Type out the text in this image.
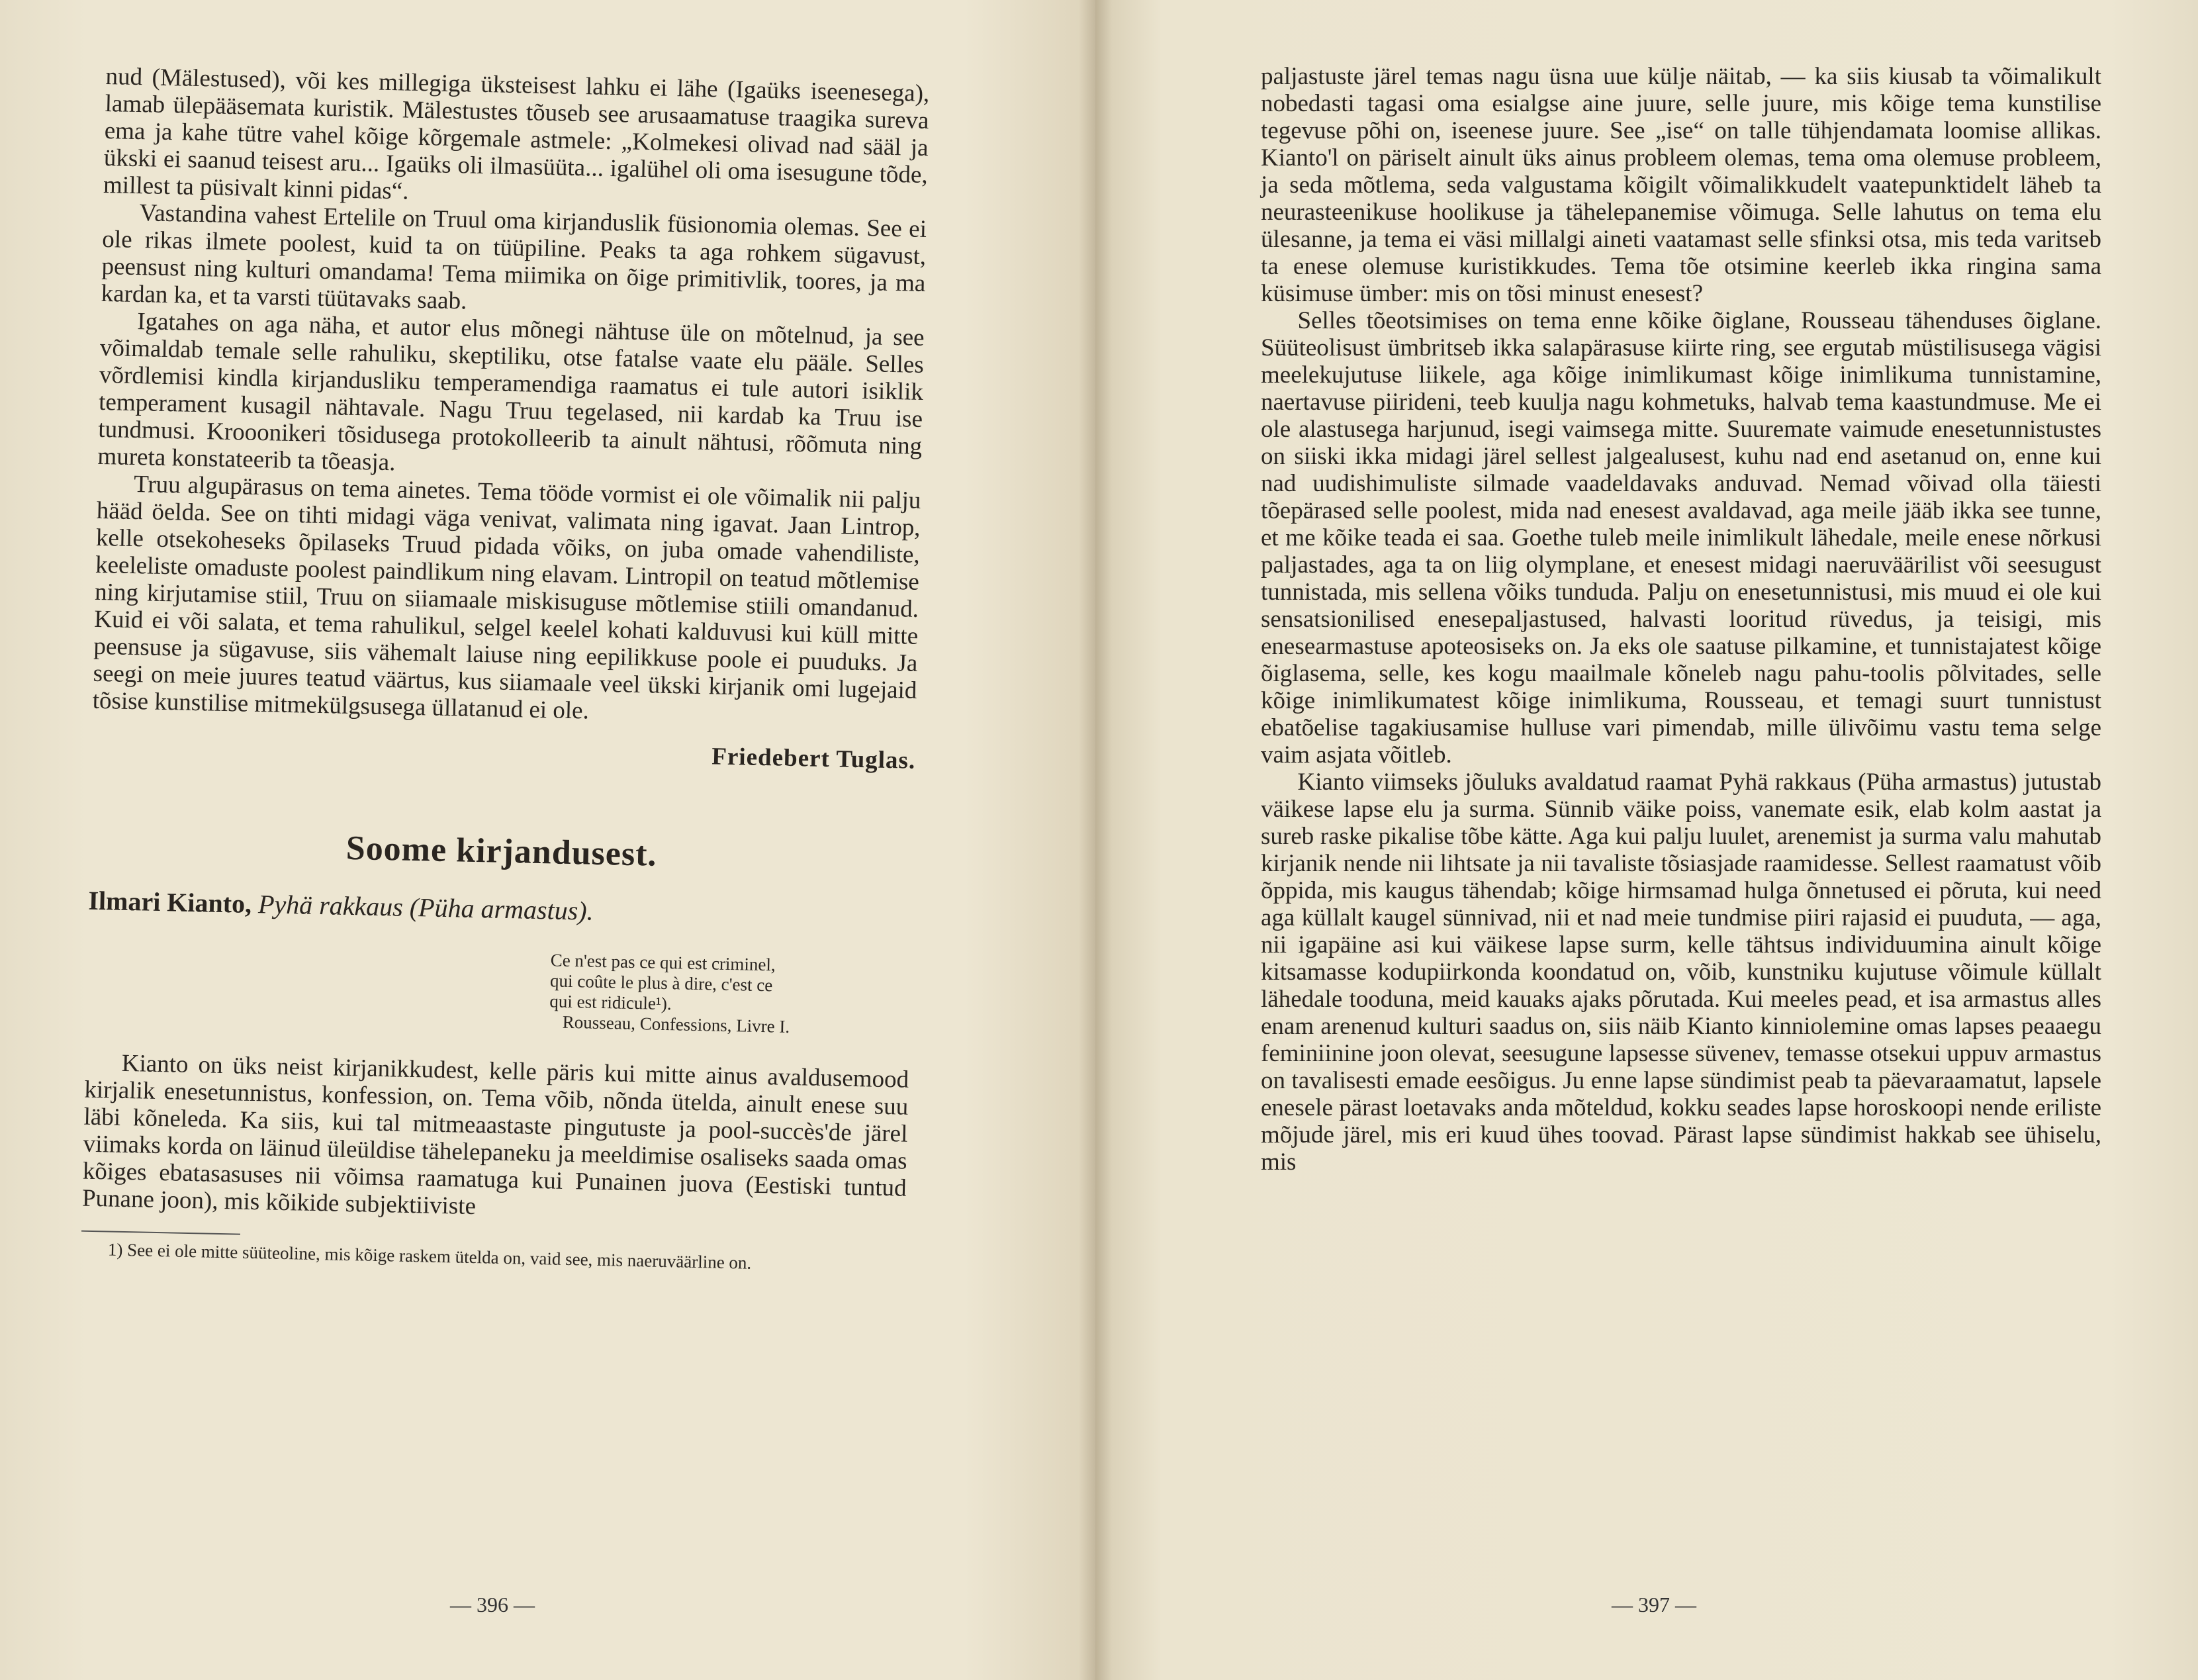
nud (Mälestused), või kes millegiga üksteisest lahku ei lähe (Igaüks iseenesega), lamab ülepääsematа kuristik. Mälestustes tõuseb see arusaamatuse traagika sureva ema ja kahe tütre vahel kõige kõrgemale astmele: „Kolmekesi olivad nad sääl ja ükski ei saanud teisest aru... Igaüks oli ilmasüüta... igalühel oli oma isesugune tõde, millest ta püsivalt kinni pidas“.

Vastandina vahest Ertelile on Truul oma kirjanduslik füsionomia olemas. See ei ole rikas ilmete poolest, kuid ta on tüüpiline. Peaks ta aga rohkem sügavust, peensust ning kulturi omandama! Tema miimika on õige primitivlik, toores, ja ma kardan ka, et ta varsti tüütavaks saab.

Igatahes on aga näha, et autor elus mõnegi nähtuse üle on mõtelnud, ja see võimaldab temale selle rahuliku, skeptiliku, otse fatalse vaate elu pääle. Selles võrdlemisi kindla kirjandusliku temperamendiga raamatus ei tule autori isiklik temperament kusagil nähtavale. Nagu Truu tegelased, nii kardab ka Truu ise tundmusi. Krooonikeri tõsidusega protokolleerib ta ainult nähtusi, rõõmuta ning mureta konstateerib ta tõeasja.

Truu algupärasus on tema ainetes. Tema tööde vormist ei ole võimalik nii palju hääd öelda. See on tihti midagi väga venivat, valimata ning igavat. Jaan Lintrop, kelle otsekoheseks õpilaseks Truud pidada võiks, on juba omade vahendiliste, keeleliste omaduste poolest paindlikum ning elavam. Lintropil on teatud mõtlemise ning kirjutamise stiil, Truu on siiamaale miskisuguse mõtlemise stiili omandanud. Kuid ei või salata, et tema rahulikul, selgel keelel kohati kalduvusi kui küll mitte peensuse ja sügavuse, siis vähemalt laiuse ning eepilikkuse poole ei puuduks. Ja seegi on meie juures teatud väärtus, kus siiamaale veel ükski kirjanik omi lugejaid tõsise kunstilise mitmekülgsusega üllatanud ei ole.

Friedebert Tuglas.

Soome kirjandusest.

Ilmari Kianto, Pyhä rakkaus (Püha armastus).

Ce n'est pas ce qui est criminel,
qui coûte le plus à dire, c'est ce
qui est ridicule¹).
Rousseau, Confessions, Livre I.

Kianto on üks neist kirjanikkudest, kelle päris kui mitte ainus avaldusemood kirjalik enesetunnistus, konfession, on. Tema võib, nõnda ütelda, ainult enese suu läbi kõneleda. Ka siis, kui tal mitmeaastaste pingutuste ja pool-succès'de järel viimaks korda on läinud üleüldise tähelepaneku ja meeldimise osaliseks saada omas kõiges ebatasasuses nii võimsa raamatuga kui Punainen juova (Eestiski tuntud Punane joon), mis kõikide subjektiiviste

1) See ei ole mitte süüteoline, mis kõige raskem ütelda on, vaid see, mis naeruväärline on.

— 396 —

paljastuste järel temas nagu üsna uue külje näitab, — ka siis kiusab ta võimalikult nobedasti tagasi oma esialgse aine juure, selle juure, mis kõige tema kunstilise tegevuse põhi on, iseenese juure. See „ise“ on talle tühjendamata loomise allikas. Kianto'l on päriselt ainult üks ainus probleem olemas, tema oma olemuse probleem, ja seda mõtlema, seda valgustama kõigilt võimalikkudelt vaatepunktidelt läheb ta neurasteenikuse hoolikuse ja tähelepanemise võimuga. Selle lahutus on tema elu ülesanne, ja tema ei väsi millalgi aineti vaatamast selle sfinksi otsa, mis teda varitseb ta enese olemuse kuristikkudes. Tema tõe otsimine keerleb ikka ringina sama küsimuse ümber: mis on tõsi minust enesest?

Selles tõeotsimises on tema enne kõike õiglane, Rousseau tähenduses õiglane. Süüteolisust ümbritseb ikka salapärasuse kiirte ring, see ergutab müstilisusega vägisi meelekujutuse liikele, aga kõige inimlikumast kõige inimlikuma tunnistamine, naertavuse piirideni, teeb kuulja nagu kohmetuks, halvab tema kaastundmuse. Me ei ole alastusega harjunud, isegi vaimsega mitte. Suuremate vaimude enesetunnistustes on siiski ikka midagi järel sellest jalgealusest, kuhu nad end asetanud on, enne kui nad uudishimuliste silmade vaadeldavaks anduvad. Nemad võivad olla täiesti tõepärased selle poolest, mida nad enesest avaldavad, aga meile jääb ikka see tunne, et me kõike teada ei saa. Goethe tuleb meile inimlikult lähedale, meile enese nõrkusi paljastades, aga ta on liig olymplane, et enesest midagi naeruväärilist või seesugust tunnistada, mis sellena võiks tunduda. Palju on enesetunnistusi, mis muud ei ole kui sensatsionilised enesepaljastused, halvasti looritud rüvedus, ja teisigi, mis enesearmastuse apoteosiseks on. Ja eks ole saatuse pilkamine, et tunnistajatest kõige õiglasema, selle, kes kogu maailmale kõneleb nagu pahu-toolis põlvitades, selle kõige inimlikumatest kõige inimlikuma, Rousseau, et temagi suurt tunnistust ebatõelise tagakiusamise hulluse vari pimendab, mille ülivõimu vastu tema selge vaim asjata võitleb.

Kianto viimseks jõuluks avaldatud raamat Pyhä rakkaus (Püha armastus) jutustab väikese lapse elu ja surma. Sünnib väike poiss, vanemate esik, elab kolm aastat ja sureb raske pikalise tõbe kätte. Aga kui palju luulet, arenemist ja surma valu mahutab kirjanik nende nii lihtsate ja nii tavaliste tõsiasjade raamidesse. Sellest raamatust võib õppida, mis kaugus tähendab; kõige hirmsamad hulga õnnetused ei põruta, kui need aga küllalt kaugel sünnivad, nii et nad meie tundmise piiri rajasid ei puuduta, — aga, nii igapäine asi kui väikese lapse surm, kelle tähtsus individuumina ainult kõige kitsamasse kodupiirkonda koondatud on, võib, kunstniku kujutuse võimule küllalt lähedale tooduna, meid kauaks ajaks põrutada. Kui meeles pead, et isa armastus alles enam arenenud kulturi saadus on, siis näib Kianto kinniolemine omas lapses peaaegu feminiinine joon olevat, seesugune lapsesse süvenev, temasse otsekui uppuv armastus on tavalisesti emade eesõigus. Ju enne lapse sündimist peab ta päevaraamatut, lapsele enesele pärast loetavaks anda mõteldud, kokku seades lapse horoskoopi nende eriliste mõjude järel, mis eri kuud ühes toovad. Pärast lapse sündimist hakkab see ühiselu, mis

— 397 —
